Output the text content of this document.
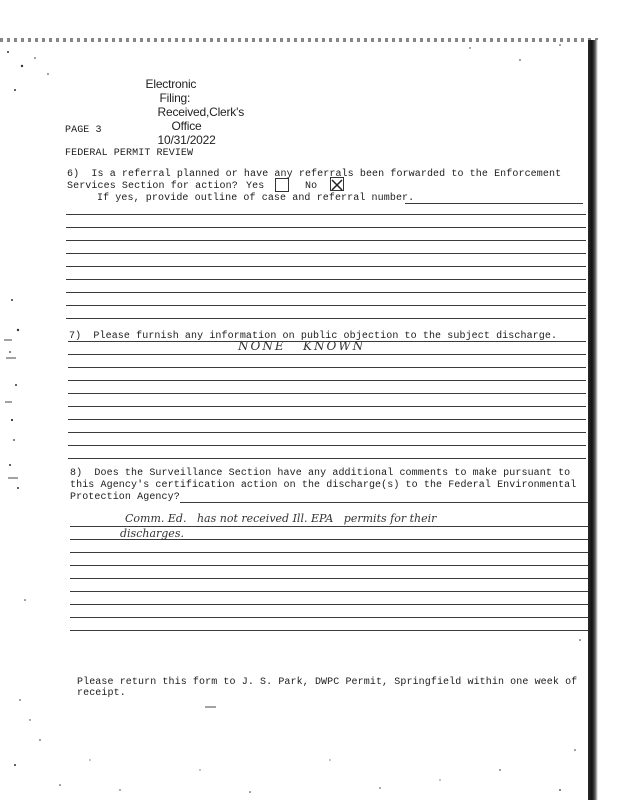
Electronic
Filing:
Received,Clerk's
Office
10/31/2022

PAGE 3
FEDERAL PERMIT REVIEW
6)  Is a referral planned or have any referrals been forwarded to the Enforcement
Services Section for action? Yes	No
If yes, provide outline of case and referral number.
7)  Please furnish any information on public objection to the subject discharge.
NONE   KNOWN
8)  Does the Surveillance Section have any additional comments to make pursuant to
this Agency's certification action on the discharge(s) to the Federal Environmental
Protection Agency?
Comm. Ed.   has not received Ill. EPA   permits for their
discharges.
Please return this form to J. S. Park, DWPC Permit, Springfield within one week of
receipt.
